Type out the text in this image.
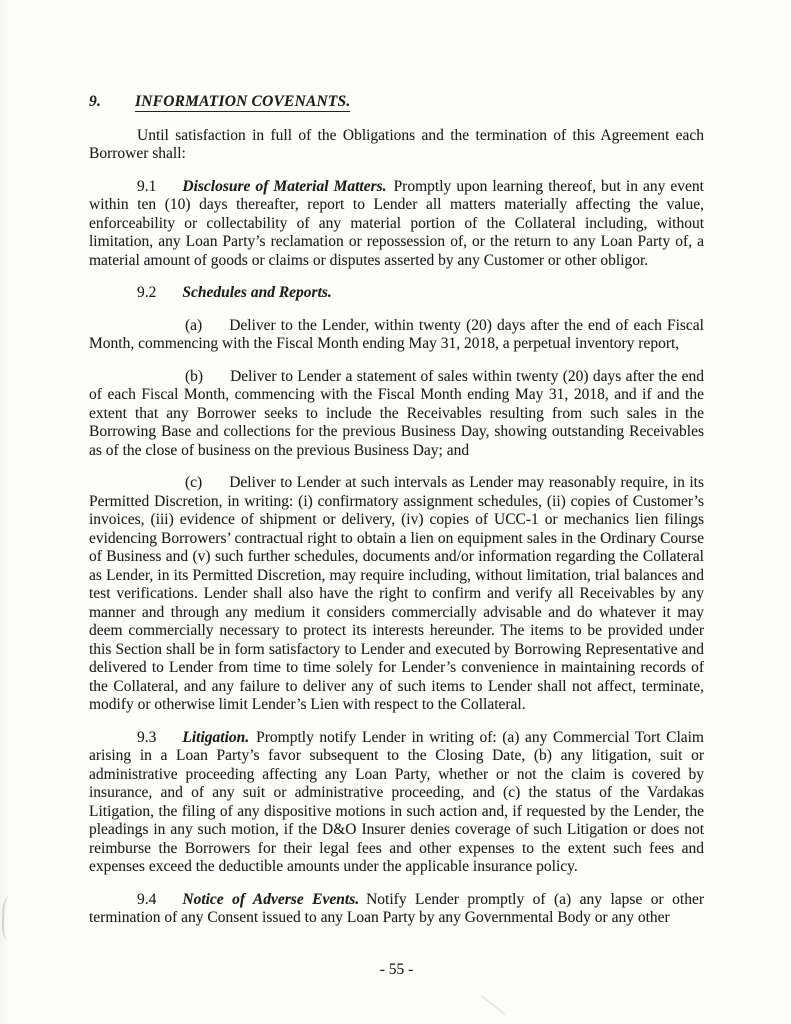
9. INFORMATION COVENANTS.

Until satisfaction in full of the Obligations and the termination of this Agreement each Borrower shall:

9.1 Disclosure of Material Matters. Promptly upon learning thereof, but in any event within ten (10) days thereafter, report to Lender all matters materially affecting the value, enforceability or collectability of any material portion of the Collateral including, without limitation, any Loan Party’s reclamation or repossession of, or the return to any Loan Party of, a material amount of goods or claims or disputes asserted by any Customer or other obligor.

9.2 Schedules and Reports.

(a) Deliver to the Lender, within twenty (20) days after the end of each Fiscal Month, commencing with the Fiscal Month ending May 31, 2018, a perpetual inventory report,

(b) Deliver to Lender a statement of sales within twenty (20) days after the end of each Fiscal Month, commencing with the Fiscal Month ending May 31, 2018, and if and the extent that any Borrower seeks to include the Receivables resulting from such sales in the Borrowing Base and collections for the previous Business Day, showing outstanding Receivables as of the close of business on the previous Business Day; and

(c) Deliver to Lender at such intervals as Lender may reasonably require, in its Permitted Discretion, in writing: (i) confirmatory assignment schedules, (ii) copies of Customer’s invoices, (iii) evidence of shipment or delivery, (iv) copies of UCC-1 or mechanics lien filings evidencing Borrowers’ contractual right to obtain a lien on equipment sales in the Ordinary Course of Business and (v) such further schedules, documents and/or information regarding the Collateral as Lender, in its Permitted Discretion, may require including, without limitation, trial balances and test verifications. Lender shall also have the right to confirm and verify all Receivables by any manner and through any medium it considers commercially advisable and do whatever it may deem commercially necessary to protect its interests hereunder. The items to be provided under this Section shall be in form satisfactory to Lender and executed by Borrowing Representative and delivered to Lender from time to time solely for Lender’s convenience in maintaining records of the Collateral, and any failure to deliver any of such items to Lender shall not affect, terminate, modify or otherwise limit Lender’s Lien with respect to the Collateral.

9.3 Litigation. Promptly notify Lender in writing of: (a) any Commercial Tort Claim arising in a Loan Party’s favor subsequent to the Closing Date, (b) any litigation, suit or administrative proceeding affecting any Loan Party, whether or not the claim is covered by insurance, and of any suit or administrative proceeding, and (c) the status of the Vardakas Litigation, the filing of any dispositive motions in such action and, if requested by the Lender, the pleadings in any such motion, if the D&O Insurer denies coverage of such Litigation or does not reimburse the Borrowers for their legal fees and other expenses to the extent such fees and expenses exceed the deductible amounts under the applicable insurance policy.

9.4 Notice of Adverse Events. Notify Lender promptly of (a) any lapse or other termination of any Consent issued to any Loan Party by any Governmental Body or any other

- 55 -
